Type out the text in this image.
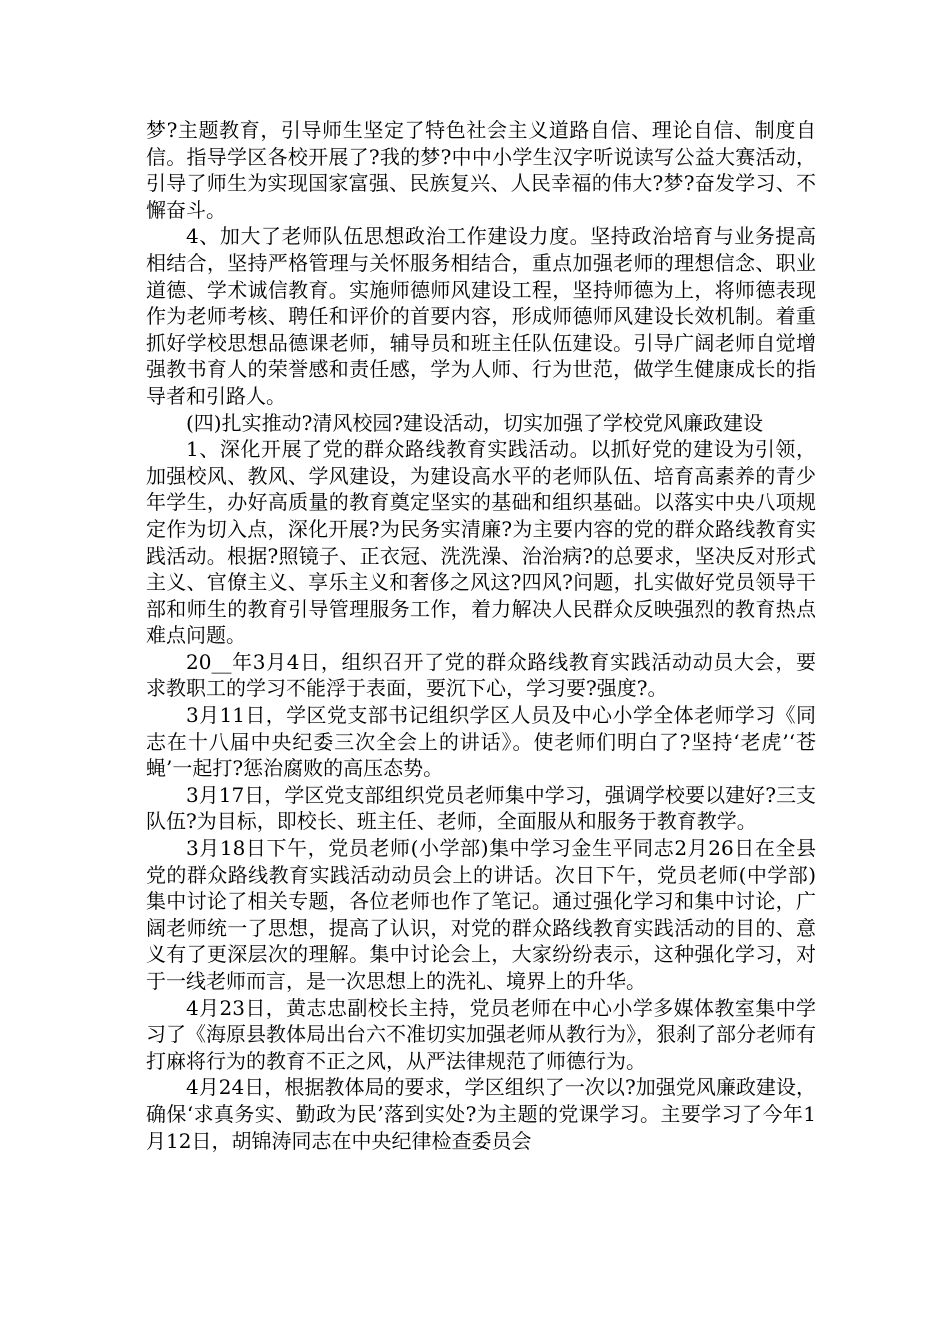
梦?主题教育，引导师生坚定了特色社会主义道路自信、理论自信、制度自信。指导学区各校开展了?我的梦?中中小学生汉字听说读写公益大赛活动，引导了师生为实现国家富强、民族复兴、人民幸福的伟大?梦?奋发学习、不懈奋斗。

4、加大了老师队伍思想政治工作建设力度。坚持政治培育与业务提高相结合，坚持严格管理与关怀服务相结合，重点加强老师的理想信念、职业道德、学术诚信教育。实施师德师风建设工程，坚持师德为上，将师德表现作为老师考核、聘任和评价的首要内容，形成师德师风建设长效机制。着重抓好学校思想品德课老师，辅导员和班主任队伍建设。引导广阔老师自觉增强教书育人的荣誉感和责任感，学为人师、行为世范，做学生健康成长的指导者和引路人。

(四)扎实推动?清风校园?建设活动，切实加强了学校党风廉政建设

1、深化开展了党的群众路线教育实践活动。以抓好党的建设为引领，加强校风、教风、学风建设，为建设高水平的老师队伍、培育高素养的青少年学生，办好高质量的教育奠定坚实的基础和组织基础。以落实中央八项规定作为切入点，深化开展?为民务实清廉?为主要内容的党的群众路线教育实践活动。根据?照镜子、正衣冠、洗洗澡、治治病?的总要求，坚决反对形式主义、官僚主义、享乐主义和奢侈之风这?四风?问题，扎实做好党员领导干部和师生的教育引导管理服务工作，着力解决人民群众反映强烈的教育热点难点问题。

20__年3月4日，组织召开了党的群众路线教育实践活动动员大会，要求教职工的学习不能浮于表面，要沉下心，学习要?强度?。

3月11日，学区党支部书记组织学区人员及中心小学全体老师学习《同志在十八届中央纪委三次全会上的讲话》。使老师们明白了?坚持‘老虎’‘苍蝇’一起打?惩治腐败的高压态势。

3月17日，学区党支部组织党员老师集中学习，强调学校要以建好?三支队伍?为目标，即校长、班主任、老师，全面服从和服务于教育教学。

3月18日下午，党员老师(小学部)集中学习金生平同志2月26日在全县党的群众路线教育实践活动动员会上的讲话。次日下午，党员老师(中学部)集中讨论了相关专题，各位老师也作了笔记。通过强化学习和集中讨论，广阔老师统一了思想，提高了认识，对党的群众路线教育实践活动的目的、意义有了更深层次的理解。集中讨论会上，大家纷纷表示，这种强化学习，对于一线老师而言，是一次思想上的洗礼、境界上的升华。

4月23日，黄志忠副校长主持，党员老师在中心小学多媒体教室集中学习了《海原县教体局出台六不准切实加强老师从教行为》，狠刹了部分老师有打麻将行为的教育不正之风，从严法律规范了师德行为。

4月24日，根据教体局的要求，学区组织了一次以?加强党风廉政建设，确保‘求真务实、勤政为民’落到实处?为主题的党课学习。主要学习了今年1月12日，胡锦涛同志在中央纪律检查委员会
